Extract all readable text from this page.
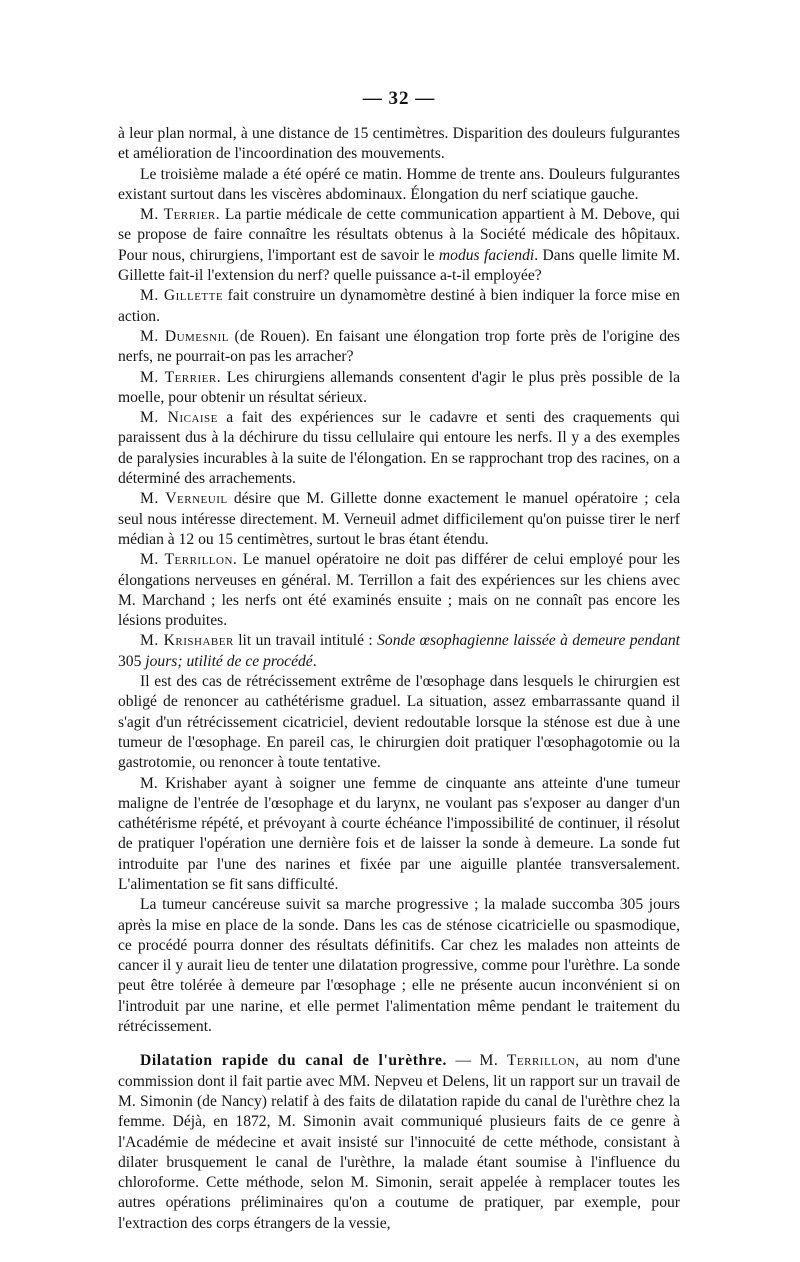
— 32 —

à leur plan normal, à une distance de 15 centimètres. Disparition des douleurs fulgurantes et amélioration de l'incoordination des mouvements.

Le troisième malade a été opéré ce matin. Homme de trente ans. Douleurs fulgurantes existant surtout dans les viscères abdominaux. Élongation du nerf sciatique gauche.

M. Terrier. La partie médicale de cette communication appartient à M. Debove, qui se propose de faire connaître les résultats obtenus à la Société médicale des hôpitaux. Pour nous, chirurgiens, l'important est de savoir le modus faciendi. Dans quelle limite M. Gillette fait-il l'extension du nerf? quelle puissance a-t-il employée?

M. Gillette fait construire un dynamomètre destiné à bien indiquer la force mise en action.

M. Dumesnil (de Rouen). En faisant une élongation trop forte près de l'origine des nerfs, ne pourrait-on pas les arracher?

M. Terrier. Les chirurgiens allemands consentent d'agir le plus près possible de la moelle, pour obtenir un résultat sérieux.

M. Nicaise a fait des expériences sur le cadavre et senti des craquements qui paraissent dus à la déchirure du tissu cellulaire qui entoure les nerfs. Il y a des exemples de paralysies incurables à la suite de l'élongation. En se rapprochant trop des racines, on a déterminé des arrachements.

M. Verneuil désire que M. Gillette donne exactement le manuel opératoire ; cela seul nous intéresse directement. M. Verneuil admet difficilement qu'on puisse tirer le nerf médian à 12 ou 15 centimètres, surtout le bras étant étendu.

M. Terrillon. Le manuel opératoire ne doit pas différer de celui employé pour les élongations nerveuses en général. M. Terrillon a fait des expériences sur les chiens avec M. Marchand ; les nerfs ont été examinés ensuite ; mais on ne connaît pas encore les lésions produites.

M. Krishaber lit un travail intitulé : Sonde œsophagienne laissée à demeure pendant 305 jours; utilité de ce procédé.

Il est des cas de rétrécissement extrême de l'œsophage dans lesquels le chirurgien est obligé de renoncer au cathétérisme graduel. La situation, assez embarrassante quand il s'agit d'un rétrécissement cicatriciel, devient redoutable lorsque la sténose est due à une tumeur de l'œsophage. En pareil cas, le chirurgien doit pratiquer l'œsophagotomie ou la gastrotomie, ou renoncer à toute tentative.

M. Krishaber ayant à soigner une femme de cinquante ans atteinte d'une tumeur maligne de l'entrée de l'œsophage et du larynx, ne voulant pas s'exposer au danger d'un cathétérisme répété, et prévoyant à courte échéance l'impossibilité de continuer, il résolut de pratiquer l'opération une dernière fois et de laisser la sonde à demeure. La sonde fut introduite par l'une des narines et fixée par une aiguille plantée transversalement. L'alimentation se fit sans difficulté.

La tumeur cancéreuse suivit sa marche progressive ; la malade succomba 305 jours après la mise en place de la sonde. Dans les cas de sténose cicatricielle ou spasmodique, ce procédé pourra donner des résultats définitifs. Car chez les malades non atteints de cancer il y aurait lieu de tenter une dilatation progressive, comme pour l'urèthre. La sonde peut être tolérée à demeure par l'œsophage ; elle ne présente aucun inconvénient si on l'introduit par une narine, et elle permet l'alimentation même pendant le traitement du rétrécissement.

Dilatation rapide du canal de l'urèthre. — M. Terrillon, au nom d'une commission dont il fait partie avec MM. Nepveu et Delens, lit un rapport sur un travail de M. Simonin (de Nancy) relatif à des faits de dilatation rapide du canal de l'urèthre chez la femme. Déjà, en 1872, M. Simonin avait communiqué plusieurs faits de ce genre à l'Académie de médecine et avait insisté sur l'innocuité de cette méthode, consistant à dilater brusquement le canal de l'urèthre, la malade étant soumise à l'influence du chloroforme. Cette méthode, selon M. Simonin, serait appelée à remplacer toutes les autres opérations préliminaires qu'on a coutume de pratiquer, par exemple, pour l'extraction des corps étrangers de la vessie,
